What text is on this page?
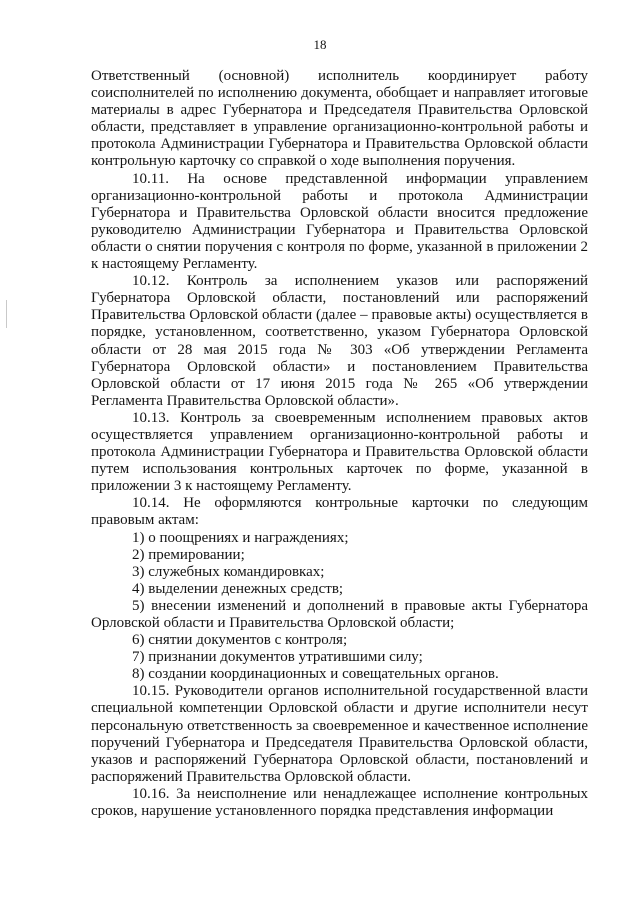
18

Ответственный (основной) исполнитель координирует работу соисполнителей по исполнению документа, обобщает и направляет итоговые материалы в адрес Губернатора и Председателя Правительства Орловской области, представляет в управление организационно-контрольной работы и протокола Администрации Губернатора и Правительства Орловской области контрольную карточку со справкой о ходе выполнения поручения.

10.11. На основе представленной информации управлением организационно-контрольной работы и протокола Администрации Губернатора и Правительства Орловской области вносится предложение руководителю Администрации Губернатора и Правительства Орловской области о снятии поручения с контроля по форме, указанной в приложении 2 к настоящему Регламенту.

10.12. Контроль за исполнением указов или распоряжений Губернатора Орловской области, постановлений или распоряжений Правительства Орловской области (далее – правовые акты) осуществляется в порядке, установленном, соответственно, указом Губернатора Орловской области от 28 мая 2015 года № 303 «Об утверждении Регламента Губернатора Орловской области» и постановлением Правительства Орловской области от 17 июня 2015 года № 265 «Об утверждении Регламента Правительства Орловской области».

10.13. Контроль за своевременным исполнением правовых актов осуществляется управлением организационно-контрольной работы и протокола Администрации Губернатора и Правительства Орловской области путем использования контрольных карточек по форме, указанной в приложении 3 к настоящему Регламенту.

10.14. Не оформляются контрольные карточки по следующим правовым актам:

1) о поощрениях и награждениях;

2) премировании;

3) служебных командировках;

4) выделении денежных средств;

5) внесении изменений и дополнений в правовые акты Губернатора Орловской области и Правительства Орловской области;

6) снятии документов с контроля;

7) признании документов утратившими силу;

8) создании координационных и совещательных органов.

10.15. Руководители органов исполнительной государственной власти специальной компетенции Орловской области и другие исполнители несут персональную ответственность за своевременное и качественное исполнение поручений Губернатора и Председателя Правительства Орловской области, указов и распоряжений Губернатора Орловской области, постановлений и распоряжений Правительства Орловской области.

10.16. За неисполнение или ненадлежащее исполнение контрольных сроков, нарушение установленного порядка представления информации
